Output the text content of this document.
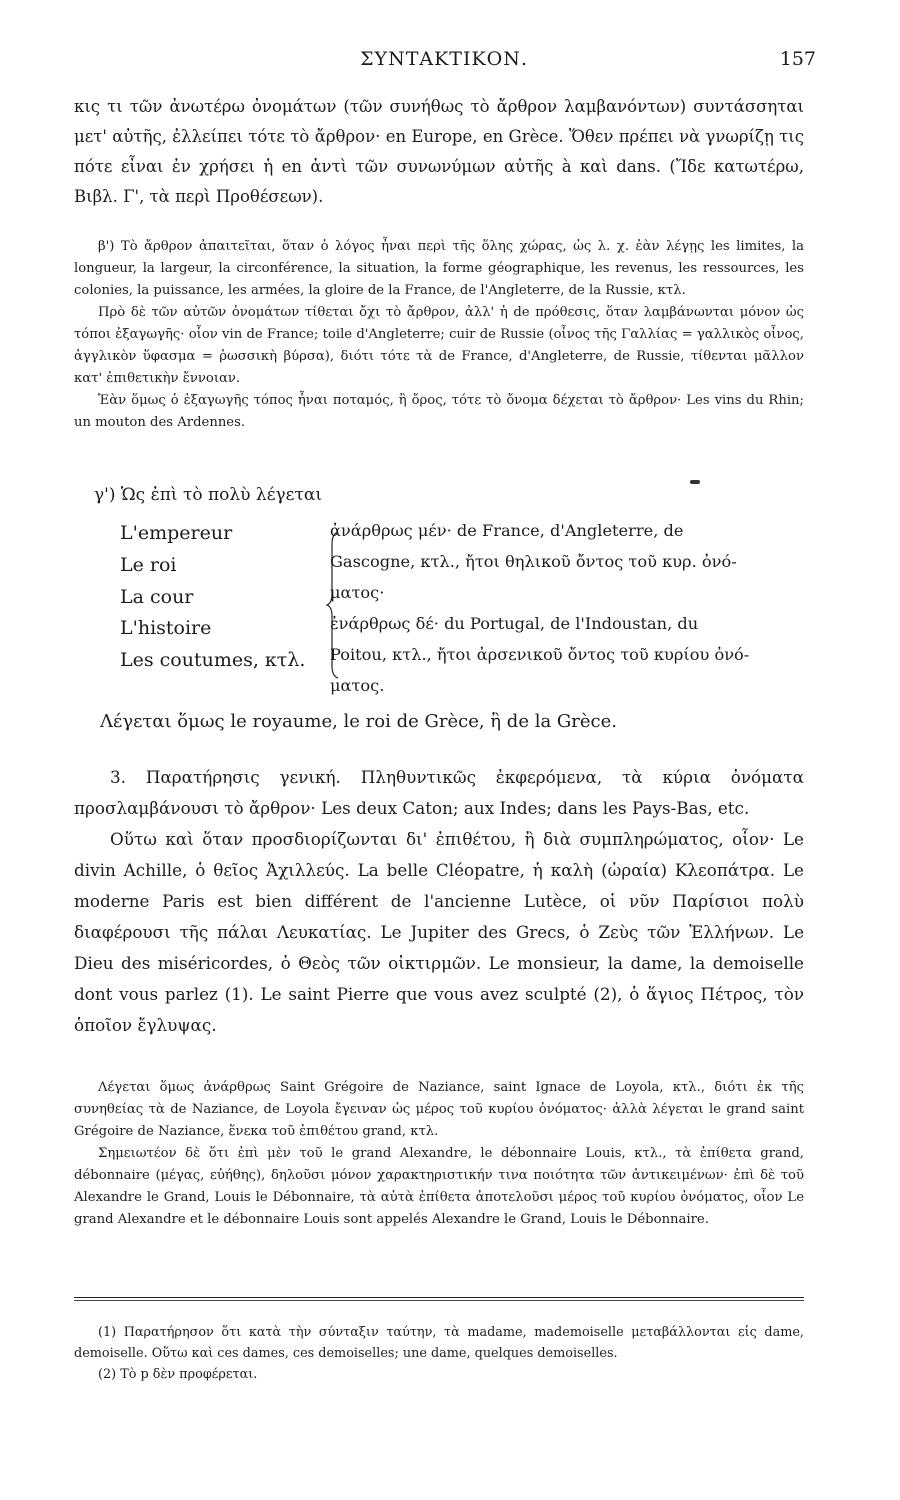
ΣΥΝΤΑΚΤΙΚΟΝ.	157

κις τι τῶν ἀνωτέρω ὀνομάτων (τῶν συνήθως τὸ ἄρθρον λαμβανόντων) συντάσσηται μετ' αὐτῆς, ἐλλείπει τότε τὸ ἄρθρον· en Europe, en Grèce. Ὅθεν πρέπει νὰ γνωρίζῃ τις πότε εἶναι ἐν χρήσει ἡ en ἀντὶ τῶν συνωνύμων αὐτῆς à καὶ dans. (Ἴδε κατωτέρω, Βιβλ. Γ', τὰ περὶ Προθέσεων).

β') Τὸ ἄρθρον ἀπαιτεῖται, ὅταν ὁ λόγος ἦναι περὶ τῆς ὅλης χώρας, ὡς λ. χ. ἐὰν λέγῃς les limites, la longueur, la largeur, la circonférence, la situation, la forme géographique, les revenus, les ressources, les colonies, la puissance, les armées, la gloire de la France, de l'Angleterre, de la Russie, κτλ.

Πρὸ δὲ τῶν αὐτῶν ὀνομάτων τίθεται ὄχι τὸ ἄρθρον, ἀλλ' ἡ de πρόθεσις, ὅταν λαμβάνωνται μόνον ὡς τόποι ἐξαγωγῆς· οἷον vin de France; toile d'Angleterre; cuir de Russie (οἶνος τῆς Γαλλίας = γαλλικὸς οἶνος, ἀγγλικὸν ὕφασμα = ῥωσσικὴ βύρσα), διότι τότε τὰ de France, d'Angleterre, de Russie, τίθενται μᾶλλον κατ' ἐπιθετικὴν ἔννοιαν.

Ἐὰν ὅμως ὁ ἐξαγωγῆς τόπος ἦναι ποταμός, ἢ ὄρος, τότε τὸ ὄνομα δέχεται τὸ ἄρθρον· Les vins du Rhin; un mouton des Ardennes.

γ') Ὡς ἐπὶ τὸ πολὺ λέγεται
L'empereur
Le roi
La cour
L'histoire
Les coutumes, κτλ.
ἀνάρθρως μέν· de France, d'Angleterre, de
Gascogne, κτλ., ἤτοι θηλικοῦ ὄντος τοῦ κυρ. ὀνό-
ματος·
ἐνάρθρως δέ· du Portugal, de l'Indoustan, du
Poitou, κτλ., ἤτοι ἀρσενικοῦ ὄντος τοῦ κυρίου ὀνό-
ματος.
Λέγεται ὅμως le royaume, le roi de Grèce, ἢ de la Grèce.

3. Παρατήρησις γενική. Πληθυντικῶς ἐκφερόμενα, τὰ κύρια ὀνόματα προσλαμβάνουσι τὸ ἄρθρον· Les deux Caton; aux Indes; dans les Pays-Bas, etc.

Οὕτω καὶ ὅταν προσδιορίζωνται δι' ἐπιθέτου, ἢ διὰ συμπληρώματος, οἷον· Le divin Achille, ὁ θεῖος Ἀχιλλεύς. La belle Cléopatre, ἡ καλὴ (ὡραία) Κλεοπάτρα. Le moderne Paris est bien différent de l'ancienne Lutèce, οἱ νῦν Παρίσιοι πολὺ διαφέρουσι τῆς πάλαι Λευκατίας. Le Jupiter des Grecs, ὁ Ζεὺς τῶν Ἑλλήνων. Le Dieu des miséricordes, ὁ Θεὸς τῶν οἰκτιρμῶν. Le monsieur, la dame, la demoiselle dont vous parlez (1). Le saint Pierre que vous avez sculpté (2), ὁ ἅγιος Πέτρος, τὸν ὁποῖον ἔγλυψας.

Λέγεται ὅμως ἀνάρθρως Saint Grégoire de Naziance, saint Ignace de Loyola, κτλ., διότι ἐκ τῆς συνηθείας τὰ de Naziance, de Loyola ἔγειναν ὡς μέρος τοῦ κυρίου ὀνόματος· ἀλλὰ λέγεται le grand saint Grégoire de Naziance, ἕνεκα τοῦ ἐπιθέτου grand, κτλ.

Σημειωτέον δὲ ὅτι ἐπὶ μὲν τοῦ le grand Alexandre, le débonnaire Louis, κτλ., τὰ ἐπίθετα grand, débonnaire (μέγας, εὐήθης), δηλοῦσι μόνον χαρακτηριστικήν τινα ποιότητα τῶν ἀντικειμένων· ἐπὶ δὲ τοῦ Alexandre le Grand, Louis le Débonnaire, τὰ αὐτὰ ἐπίθετα ἀποτελοῦσι μέρος τοῦ κυρίου ὀνόματος, οἷον Le grand Alexandre et le débonnaire Louis sont appelés Alexandre le Grand, Louis le Débonnaire.

(1) Παρατήρησον ὅτι κατὰ τὴν σύνταξιν ταύτην, τὰ madame, mademoiselle μεταβάλλονται εἰς dame, demoiselle. Οὕτω καὶ ces dames, ces demoiselles; une dame, quelques demoiselles.

(2) Τὸ p δὲν προφέρεται.
